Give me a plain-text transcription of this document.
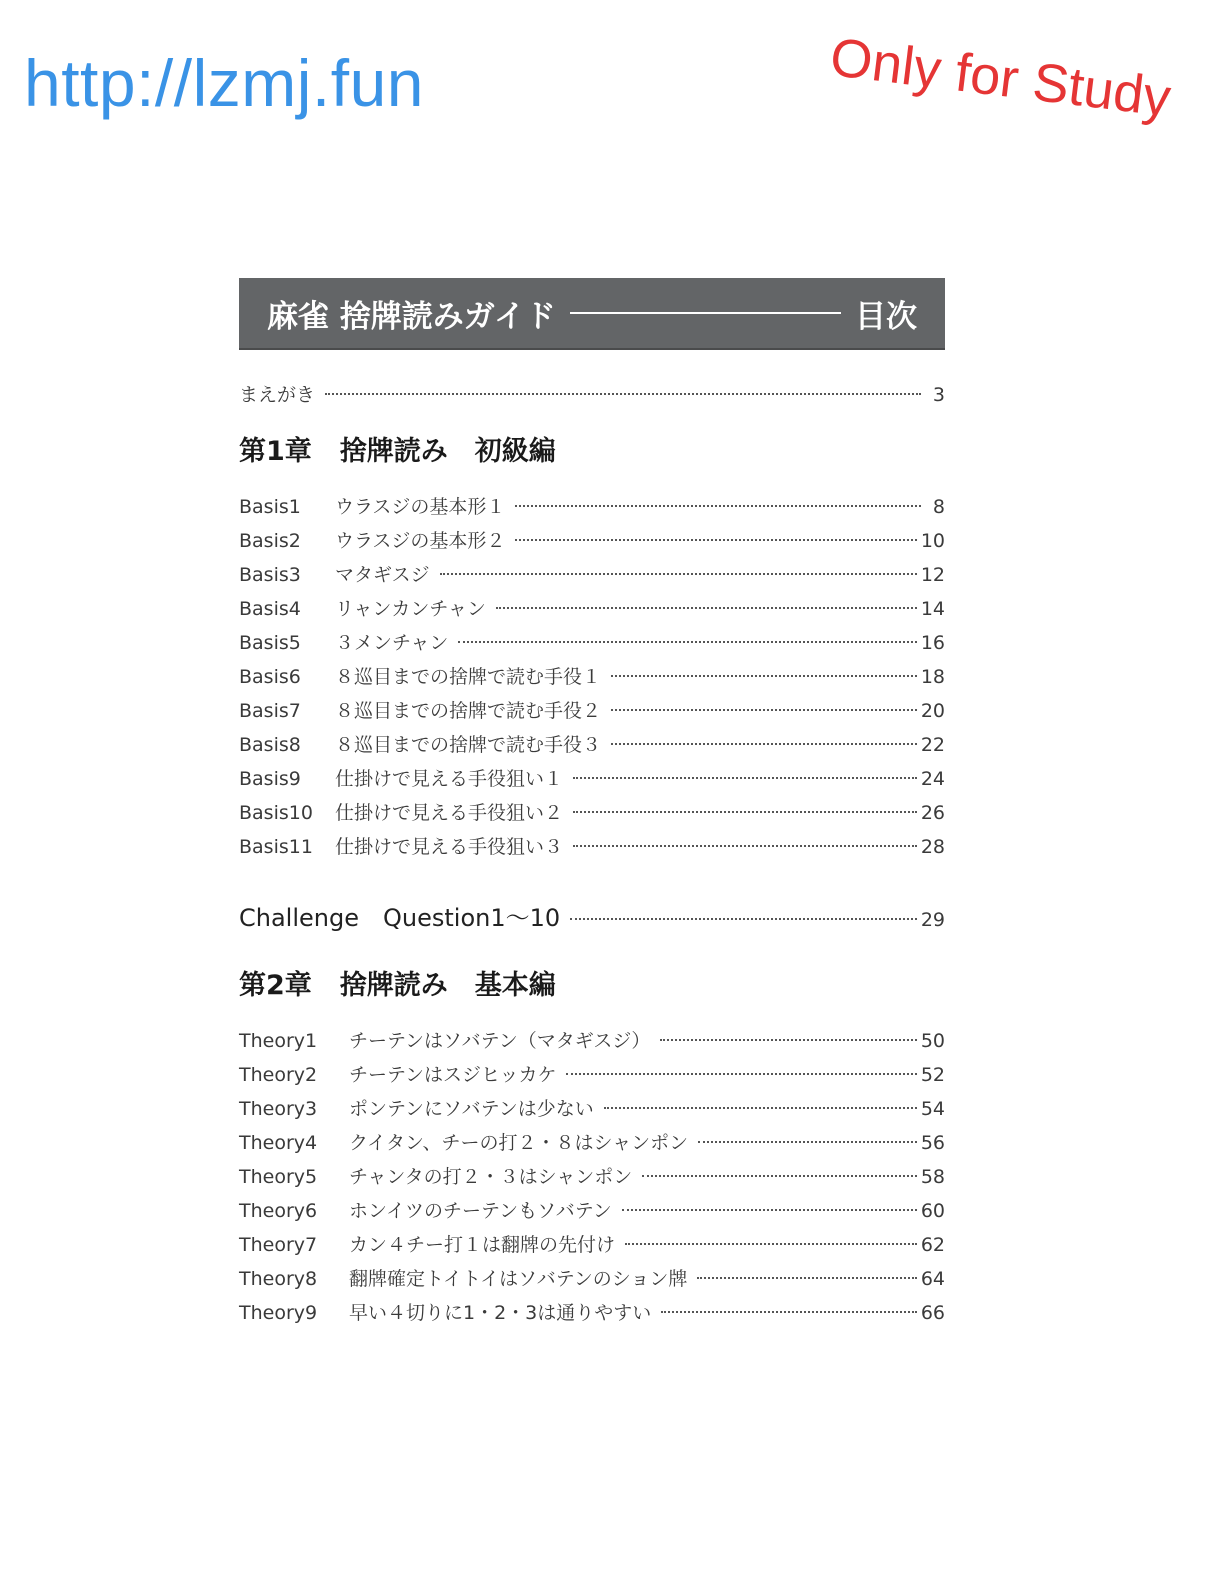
http://lzmj.fun	Only for Study
麻雀 捨牌読みガイド	目次
まえがき	3
第1章 捨牌読み　初級編
Basis1	ウラスジの基本形１	8
Basis2	ウラスジの基本形２	10
Basis3	マタギスジ	12
Basis4	リャンカンチャン	14
Basis5	３メンチャン	16
Basis6	８巡目までの捨牌で読む手役１	18
Basis7	８巡目までの捨牌で読む手役２	20
Basis8	８巡目までの捨牌で読む手役３	22
Basis9	仕掛けで見える手役狙い１	24
Basis10	仕掛けで見える手役狙い２	26
Basis11	仕掛けで見える手役狙い３	28
Challenge Question1〜10	29
第2章 捨牌読み　基本編
Theory1	チーテンはソバテン（マタギスジ）	50
Theory2	チーテンはスジヒッカケ	52
Theory3	ポンテンにソバテンは少ない	54
Theory4	クイタン、チーの打２・８はシャンポン	56
Theory5	チャンタの打２・３はシャンポン	58
Theory6	ホンイツのチーテンもソバテン	60
Theory7	カン４チー打１は翻牌の先付け	62
Theory8	翻牌確定トイトイはソバテンのション牌	64
Theory9	早い４切りに1・2・3は通りやすい	66
